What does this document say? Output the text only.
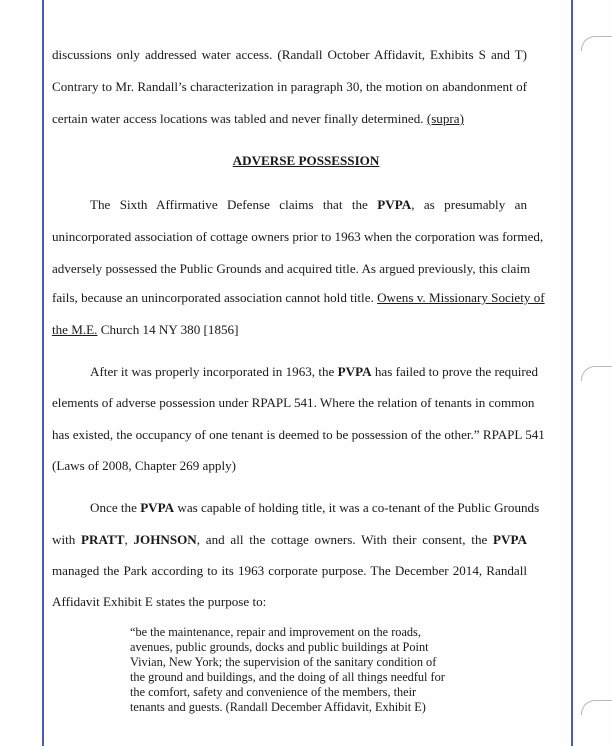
discussions only addressed water access. (Randall October Affidavit, Exhibits S and T)
Contrary to Mr. Randall’s characterization in paragraph 30, the motion on abandonment of
certain water access locations was tabled and never finally determined. (supra)
ADVERSE POSSESSION
The Sixth Affirmative Defense claims that the PVPA, as presumably an
unincorporated association of cottage owners prior to 1963 when the corporation was formed,
adversely possessed the Public Grounds and acquired title. As argued previously, this claim
fails, because an unincorporated association cannot hold title. Owens v. Missionary Society of
the M.E. Church 14 NY 380 [1856]
After it was properly incorporated in 1963, the PVPA has failed to prove the required
elements of adverse possession under RPAPL 541. Where the relation of tenants in common
has existed, the occupancy of one tenant is deemed to be possession of the other.” RPAPL 541
(Laws of 2008, Chapter 269 apply)
Once the PVPA was capable of holding title, it was a co-tenant of the Public Grounds
with PRATT, JOHNSON, and all the cottage owners. With their consent, the PVPA
managed the Park according to its 1963 corporate purpose. The December 2014, Randall
Affidavit Exhibit E states the purpose to:
“be the maintenance, repair and improvement on the roads,
avenues, public grounds, docks and public buildings at Point
Vivian, New York; the supervision of the sanitary condition of
the ground and buildings, and the doing of all things needful for
the comfort, safety and convenience of the members, their
tenants and guests. (Randall December Affidavit, Exhibit E)
